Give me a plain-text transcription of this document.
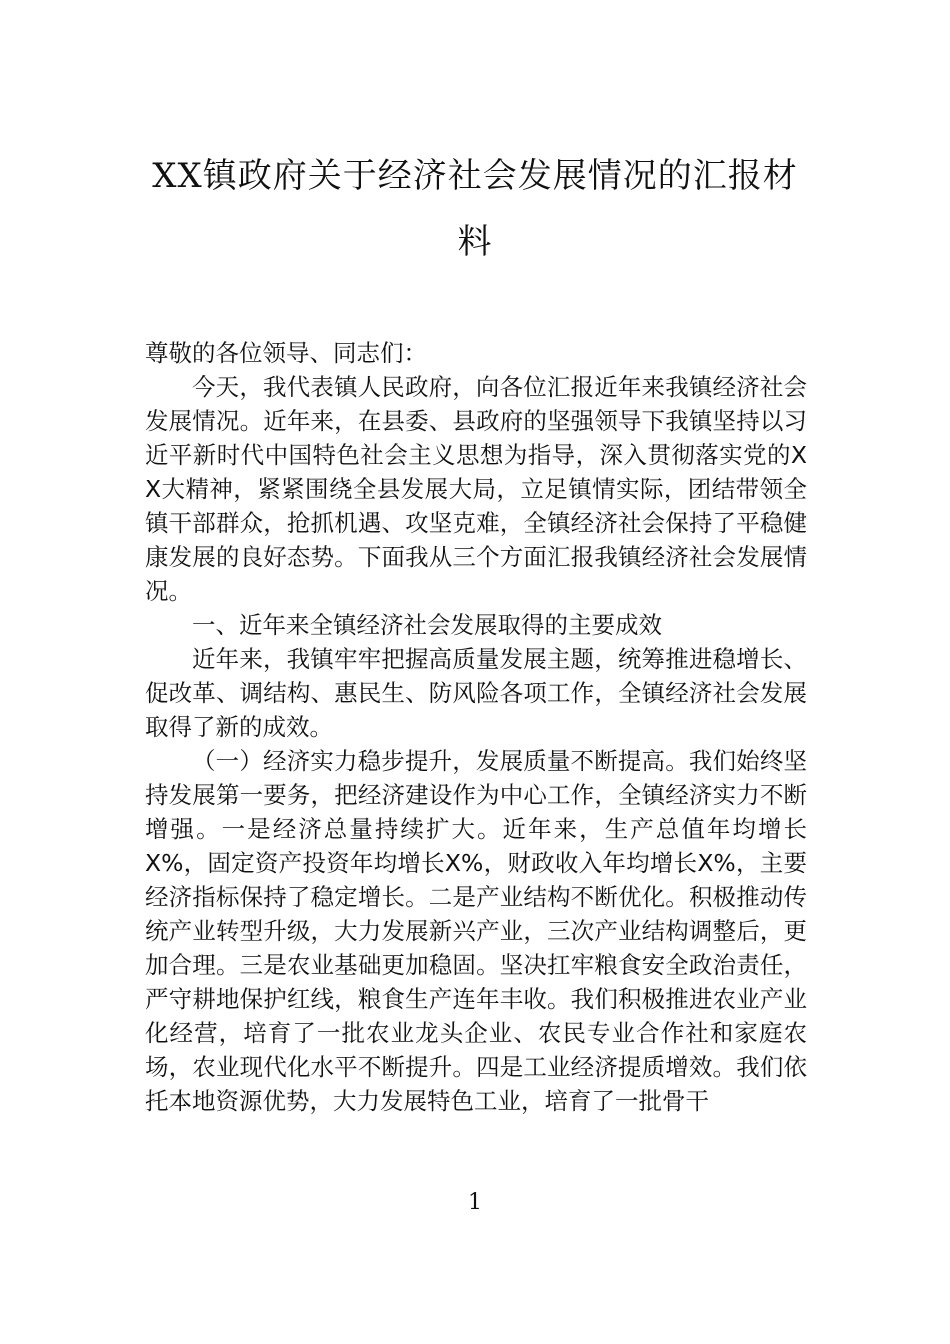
XX镇政府关于经济社会发展情况的汇报材料

尊敬的各位领导、同志们：

今天，我代表镇人民政府，向各位汇报近年来我镇经济社会发展情况。近年来，在县委、县政府的坚强领导下我镇坚持以习近平新时代中国特色社会主义思想为指导，深入贯彻落实党的XX大精神，紧紧围绕全县发展大局，立足镇情实际，团结带领全镇干部群众，抢抓机遇、攻坚克难，全镇经济社会保持了平稳健康发展的良好态势。下面我从三个方面汇报我镇经济社会发展情况。

一、近年来全镇经济社会发展取得的主要成效

近年来，我镇牢牢把握高质量发展主题，统筹推进稳增长、促改革、调结构、惠民生、防风险各项工作，全镇经济社会发展取得了新的成效。

（一）经济实力稳步提升，发展质量不断提高。我们始终坚持发展第一要务，把经济建设作为中心工作，全镇经济实力不断增强。一是经济总量持续扩大。近年来，生产总值年均增长X%，固定资产投资年均增长X%，财政收入年均增长X%，主要经济指标保持了稳定增长。二是产业结构不断优化。积极推动传统产业转型升级，大力发展新兴产业，三次产业结构调整后，更加合理。三是农业基础更加稳固。坚决扛牢粮食安全政治责任，严守耕地保护红线，粮食生产连年丰收。我们积极推进农业产业化经营，培育了一批农业龙头企业、农民专业合作社和家庭农场，农业现代化水平不断提升。四是工业经济提质增效。我们依托本地资源优势，大力发展特色工业，培育了一批骨干

1
